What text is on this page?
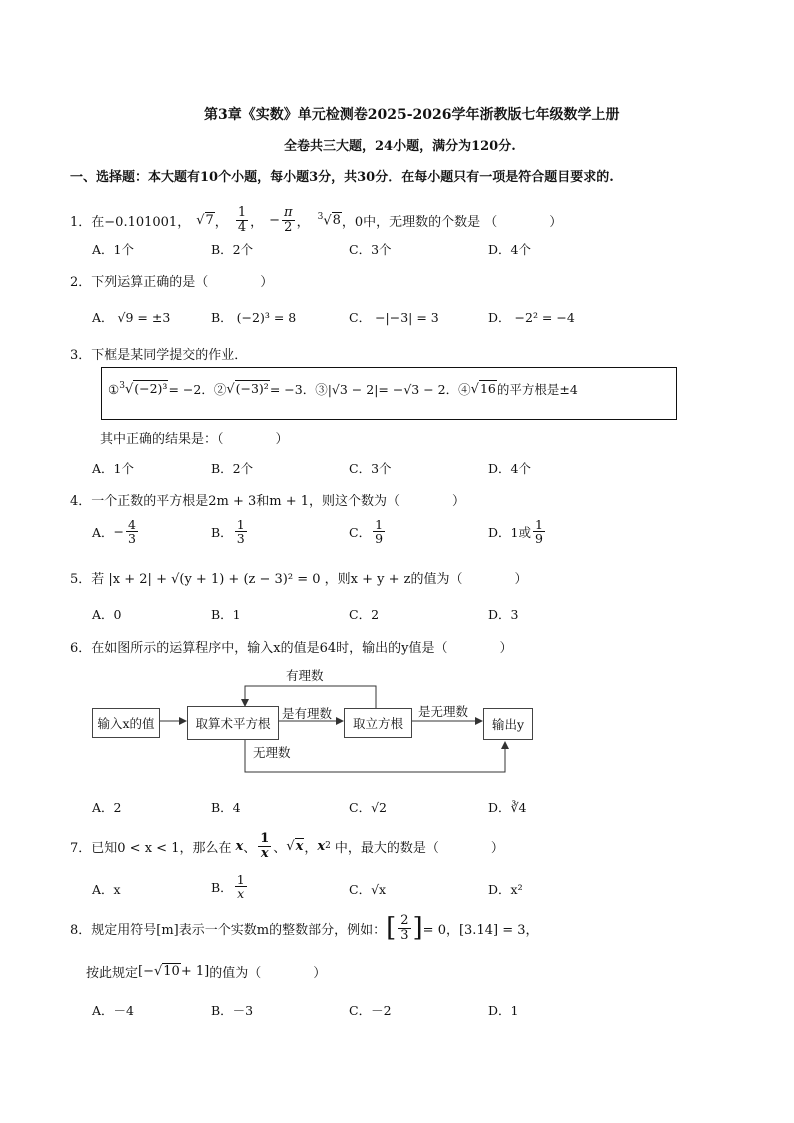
第3章《实数》单元检测卷2025-2026学年浙教版七年级数学上册
全卷共三大题，24小题，满分为120分.
一、选择题：本大题有10个小题，每小题3分，共30分．在每小题只有一项是符合题目要求的.
1．在 −0.101001， √7 ， $\frac{1}{4}$ ， − $\frac{\pi}{2}$ ， $^3$√8 ，0 中，无理数的个数是 （　　　　）
A．1个	B．2个	C．3个	D．4个
2．下列运算正确的是（　　　　）
A． √9 = ±3	B． (−2)³ = 8	C． −|−3| = 3	D． −2² = −4
3．下框是某同学提交的作业．
① $^3$√(−2)³ = −2．② √(−3)² = −3．③ |√3 − 2| = −√3 − 2．④ √16 的平方根是±4
其中正确的结果是：（　　　　）
A．1个	B．2个	C．3个	D．4个
4．一个正数的平方根是2m + 3和m + 1，则这个数为（　　　　）
A． − $\frac{4}{3}$	B． $\frac{1}{3}$	C． $\frac{1}{9}$	D．1或 $\frac{1}{9}$
5．若 |x + 2| + √(y + 1) + (z − 3)² = 0 ，则x + y + z的值为（　　　　）
A．0	B．1	C．2	D．3
6．在如图所示的运算程序中，输入x的值是64时，输出的y值是（　　　　）
输入x的值	取算术平方根	取立方根	输出y
有理数
是有理数	是无理数
无理数
A．2	B．4	C．√2	D．∛4
7．已知0 < x < 1，那么在 x 、 $\frac{1}{x}$ 、 √x ， x 2 中，最大的数是（　　　　）
A．x	B． $\frac{1}{x}$	C．√x	D．x²
8．规定用符号[m]表示一个实数m的整数部分，例如： [ $\frac{2}{3}$ ] = 0，[3.14] = 3，
按此规定 [− √10 + 1] 的值为（　　　　）
A．－4	B．－3	C．－2	D．1
